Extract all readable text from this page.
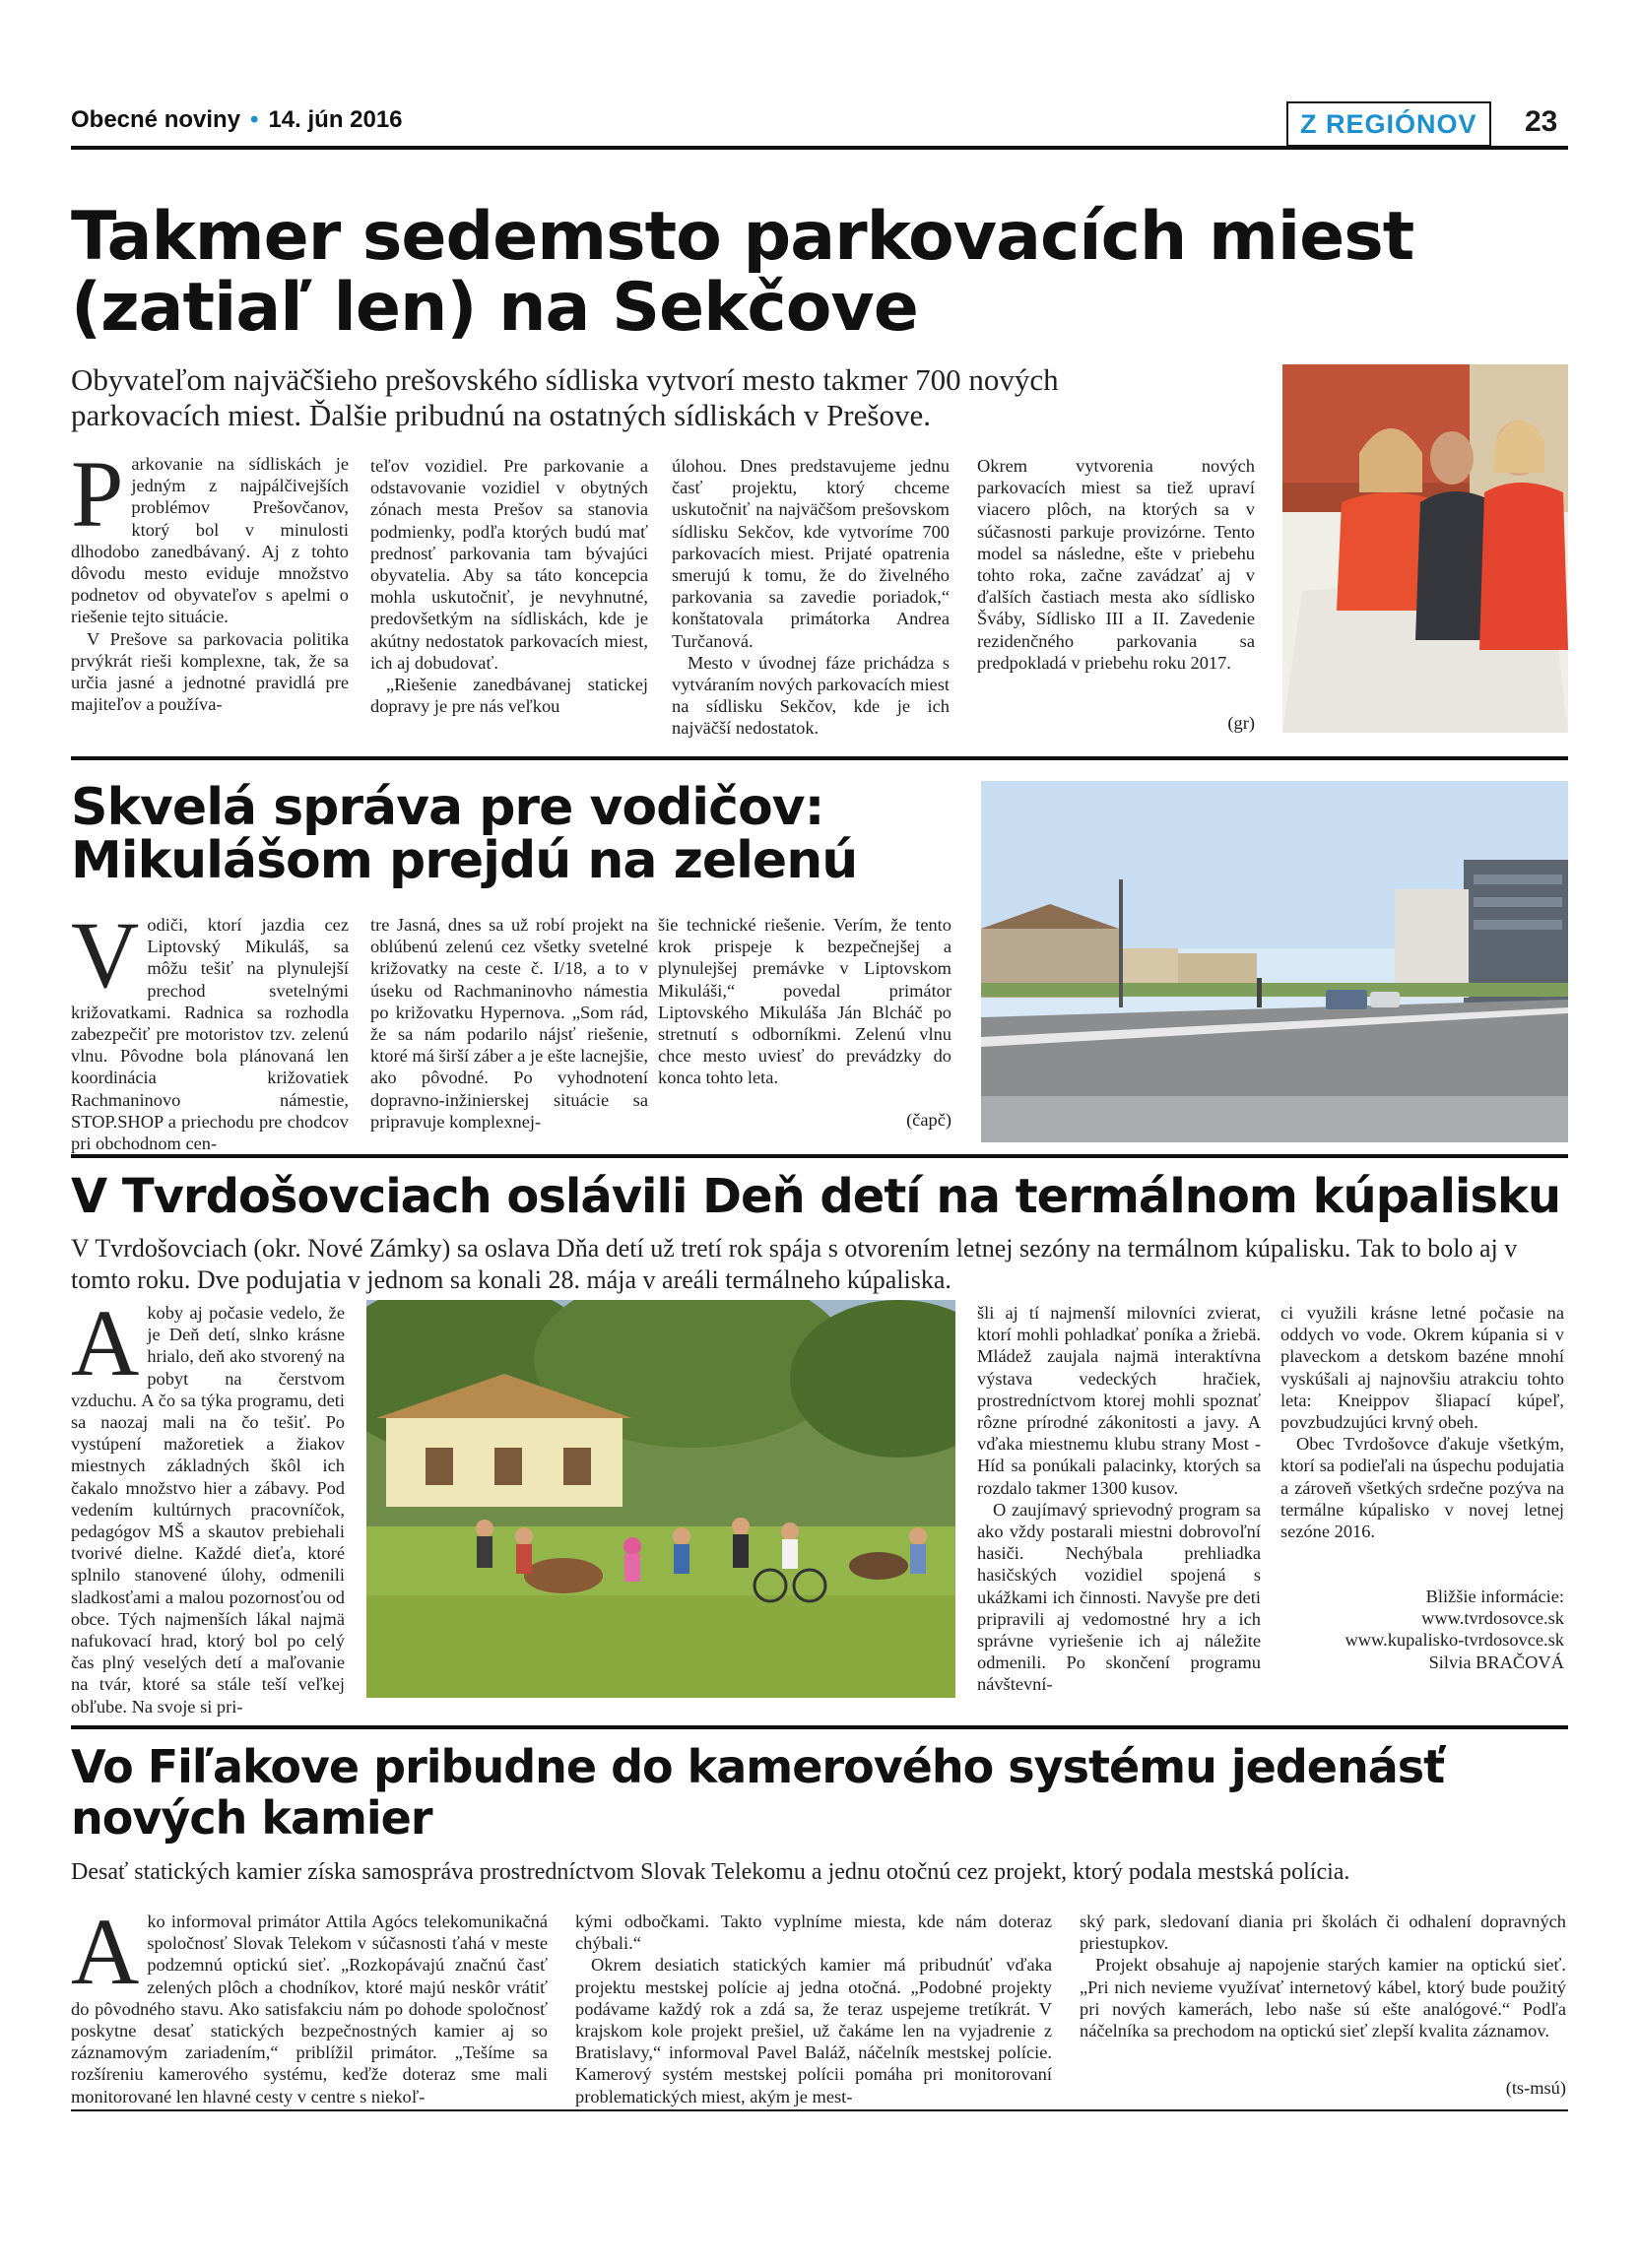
Obecné noviny • 14. jún 2016	Z REGIÓNOV	23
Takmer sedemsto parkovacích miest
(zatiaľ len) na Sekčove
Obyvateľom najväčšieho prešovského sídliska vytvorí mesto takmer 700 nových
parkovacích miest. Ďalšie pribudnú na ostatných sídliskách v Prešove.
P arkovanie na sídliskách je jedným z najpálčivejších problémov Prešovčanov, ktorý bol v minulosti dlhodobo zanedbávaný. Aj z tohto dôvodu mesto eviduje množstvo podnetov od obyvateľov s apelmi o riešenie tejto situácie.

V Prešove sa parkovacia politika prvýkrát rieši komplexne, tak, že sa určia jasné a jednotné pravidlá pre majiteľov a používa-

teľov vozidiel. Pre parkovanie a odstavovanie vozidiel v obytných zónach mesta Prešov sa stanovia podmienky, podľa ktorých budú mať prednosť parkovania tam bývajúci obyvatelia. Aby sa táto koncepcia mohla uskutočniť, je nevyhnutné, predovšetkým na sídliskách, kde je akútny nedostatok parkovacích miest, ich aj dobudovať.

„Riešenie zanedbávanej statickej dopravy je pre nás veľkou

úlohou. Dnes predstavujeme jednu časť projektu, ktorý chceme uskutočniť na najväčšom prešovskom sídlisku Sekčov, kde vytvoríme 700 parkovacích miest. Prijaté opatrenia smerujú k tomu, že do živelného parkovania sa zavedie poriadok,“ konštatovala primátorka Andrea Turčanová.

Mesto v úvodnej fáze prichádza s vytváraním nových parkovacích miest na sídlisku Sekčov, kde je ich najväčší nedostatok.

Okrem vytvorenia nových parkovacích miest sa tiež upraví viacero plôch, na ktorých sa v súčasnosti parkuje provizórne. Tento model sa následne, ešte v priebehu tohto roka, začne zavádzať aj v ďalších častiach mesta ako sídlisko Šváby, Sídlisko III a II. Zavedenie rezidenčného parkovania sa predpokladá v priebehu roku 2017.

(gr)
Skvelá správa pre vodičov:
Mikulášom prejdú na zelenú
V odiči, ktorí jazdia cez Liptovský Mikuláš, sa môžu tešiť na plynulejší prechod svetelnými križovatkami. Radnica sa rozhodla zabezpečiť pre motoristov tzv. zelenú vlnu. Pôvodne bola plánovaná len koordinácia križovatiek Rachmaninovo námestie, STOP.SHOP a priechodu pre chodcov pri obchodnom cen-

tre Jasná, dnes sa už robí projekt na oblúbenú zelenú cez všetky svetelné križovatky na ceste č. I/18, a to v úseku od Rachmaninovho námestia po križovatku Hypernova. „Som rád, že sa nám podarilo nájsť riešenie, ktoré má širší záber a je ešte lacnejšie, ako pôvodné. Po vyhodnotení dopravno-inžinierskej situácie sa pripravuje komplexnej-

šie technické riešenie. Verím, že tento krok prispeje k bezpečnejšej a plynulejšej premávke v Liptovskom Mikuláši,“ povedal primátor Liptovského Mikuláša Ján Blcháč po stretnutí s odborníkmi. Zelenú vlnu chce mesto uviesť do prevádzky do konca tohto leta.

(čapč)
V Tvrdošovciach oslávili Deň detí na termálnom kúpalisku
V Tvrdošovciach (okr. Nové Zámky) sa oslava Dňa detí už tretí rok spája s otvorením letnej sezóny na termálnom kúpalisku. Tak to bolo aj v tomto roku. Dve podujatia v jednom sa konali 28. mája v areáli termálneho kúpaliska.
A koby aj počasie vedelo, že je Deň detí, slnko krásne hrialo, deň ako stvorený na pobyt na čerstvom vzduchu. A čo sa týka programu, deti sa naozaj mali na čo tešiť. Po vystúpení mažoretiek a žiakov miestnych základných škôl ich čakalo množstvo hier a zábavy. Pod vedením kultúrnych pracovníčok, pedagógov MŠ a skautov prebiehali tvorivé dielne. Každé dieťa, ktoré splnilo stanovené úlohy, odmenili sladkosťami a malou pozornosťou od obce. Tých najmenších lákal najmä nafukovací hrad, ktorý bol po celý čas plný veselých detí a maľovanie na tvár, ktoré sa stále teší veľkej obľube. Na svoje si pri-

šli aj tí najmenší milovníci zvierat, ktorí mohli pohladkať poníka a žriebä. Mládež zaujala najmä interaktívna výstava vedeckých hračiek, prostredníctvom ktorej mohli spoznať rôzne prírodné zákonitosti a javy. A vďaka miestnemu klubu strany Most - Híd sa ponúkali palacinky, ktorých sa rozdalo takmer 1300 kusov.

O zaujímavý sprievodný program sa ako vždy postarali miestni dobrovoľní hasiči. Nechýbala prehliadka hasičských vozidiel spojená s ukážkami ich činnosti. Navyše pre deti pripravili aj vedomostné hry a ich správne vyriešenie ich aj náležite odmenili. Po skončení programu návštevní-

ci využili krásne letné počasie na oddych vo vode. Okrem kúpania si v plaveckom a detskom bazéne mnohí vyskúšali aj najnovšiu atrakciu tohto leta: Kneippov šliapací kúpeľ, povzbudzujúci krvný obeh.

Obec Tvrdošovce ďakuje všetkým, ktorí sa podieľali na úspechu podujatia a zároveň všetkých srdečne pozýva na termálne kúpalisko v novej letnej sezóne 2016.

Bližšie informácie:
www.tvrdosovce.sk
www.kupalisko-tvrdosovce.sk
Silvia BRAČOVÁ
Vo Fiľakove pribudne do kamerového systému jedenásť
nových kamier
Desať statických kamier získa samospráva prostredníctvom Slovak Telekomu a jednu otočnú cez projekt, ktorý podala mestská polícia.
A ko informoval primátor Attila Agócs telekomunikačná spoločnosť Slovak Telekom v súčasnosti ťahá v meste podzemnú optickú sieť. „Rozkopávajú značnú časť zelených plôch a chodníkov, ktoré majú neskôr vrátiť do pôvodného stavu. Ako satisfakciu nám po dohode spoločnosť poskytne desať statických bezpečnostných kamier aj so záznamovým zariadením,“ priblížil primátor. „Tešíme sa rozšíreniu kamerového systému, keďže doteraz sme mali monitorované len hlavné cesty v centre s niekoľ-

kými odbočkami. Takto vyplníme miesta, kde nám doteraz chýbali.“

Okrem desiatich statických kamier má pribudnúť vďaka projektu mestskej polície aj jedna otočná. „Podobné projekty podávame každý rok a zdá sa, že teraz uspejeme tretíkrát. V krajskom kole projekt prešiel, už čakáme len na vyjadrenie z Bratislavy,“ informoval Pavel Baláž, náčelník mestskej polície. Kamerový systém mestskej polícii pomáha pri monitorovaní problematických miest, akým je mest-

ský park, sledovaní diania pri školách či odhalení dopravných priestupkov.

Projekt obsahuje aj napojenie starých kamier na optickú sieť. „Pri nich nevieme využívať internetový kábel, ktorý bude použitý pri nových kamerách, lebo naše sú ešte analógové.“ Podľa náčelníka sa prechodom na optickú sieť zlepší kvalita záznamov.

(ts-msú)
